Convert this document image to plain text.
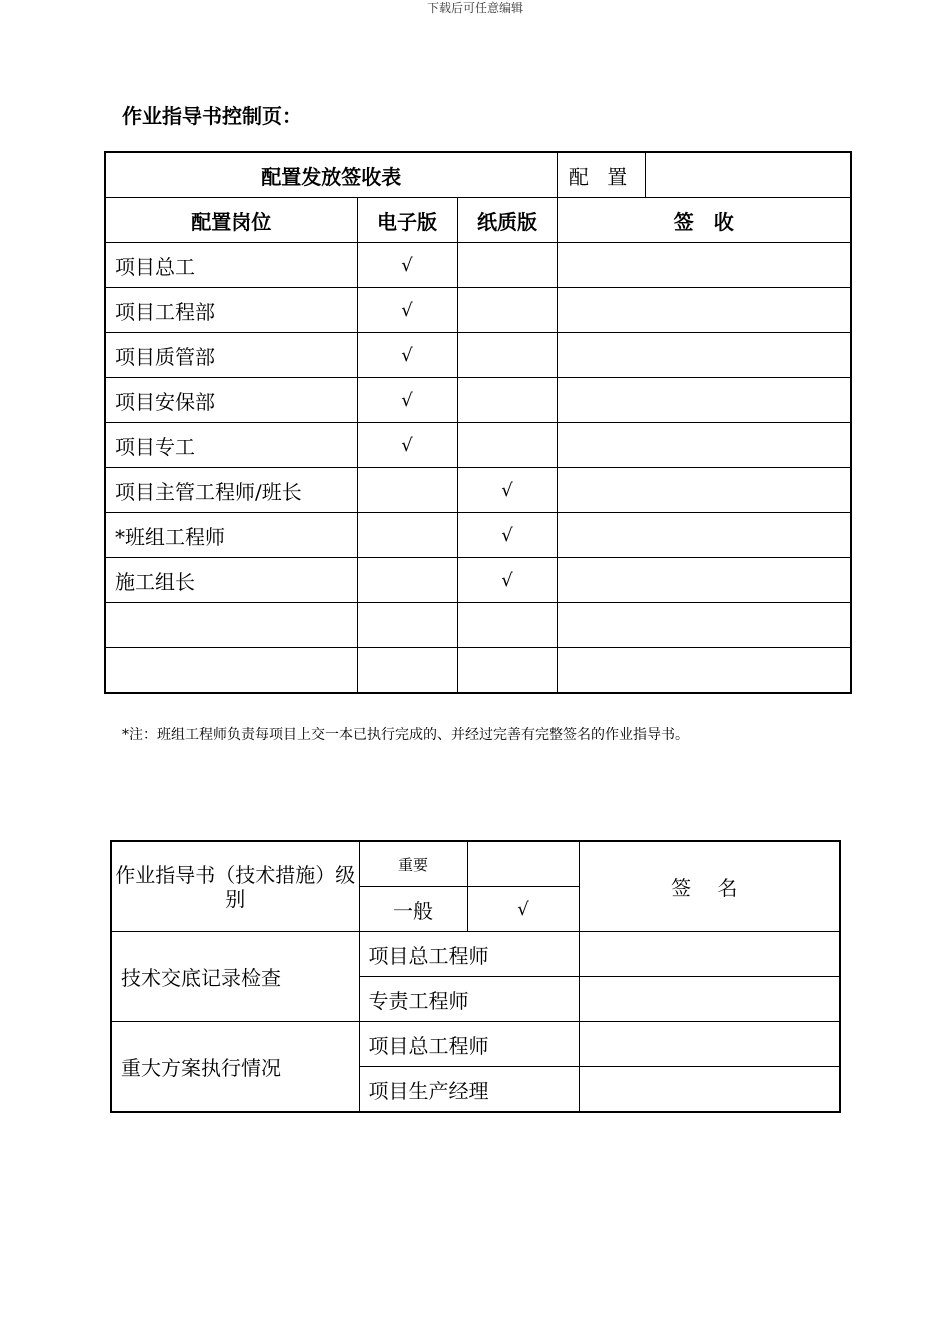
下载后可任意编辑
作业指导书控制页：
配置发放签收表			配 置	
配置岗位	电子版	纸质版	签　收	
项目总工	√			
项目工程部	√			
项目质管部	√			
项目安保部	√			
项目专工	√			
项目主管工程师/班长		√		
*班组工程师		√		
施工组长		√		

*注：班组工程师负责每项目上交一本已执行完成的、并经过完善有完整签名的作业指导书。
作业指导书（技术措施）级别	重要		签 名
	一般	√	
技术交底记录检查	项目总工程师		
	专责工程师		
重大方案执行情况	项目总工程师		
	项目生产经理		
